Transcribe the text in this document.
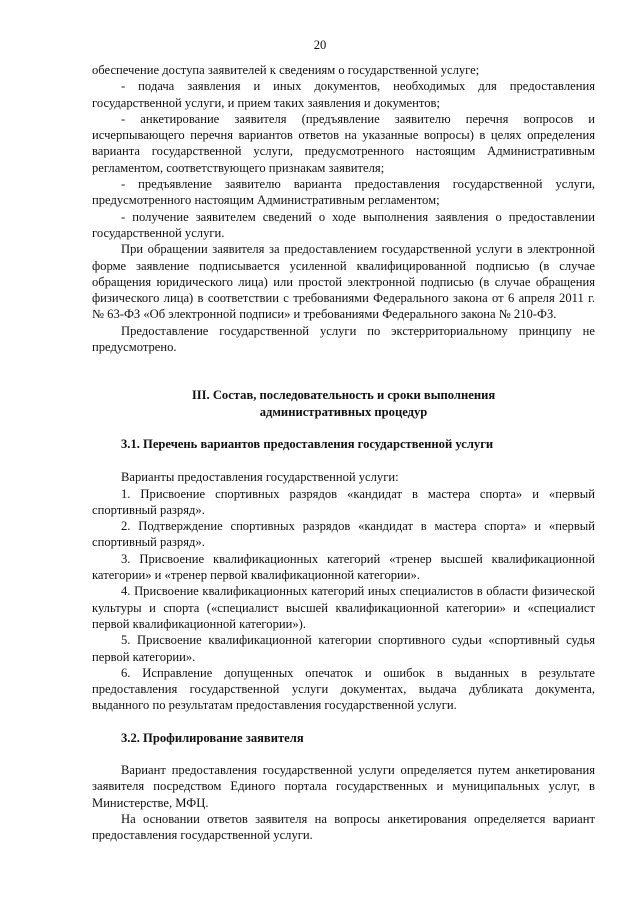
20

обеспечение доступа заявителей к сведениям о государственной услуге;

- подача заявления и иных документов, необходимых для предоставления государственной услуги, и прием таких заявления и документов;

- анкетирование заявителя (предъявление заявителю перечня вопросов и исчерпывающего перечня вариантов ответов на указанные вопросы) в целях определения варианта государственной услуги, предусмотренного настоящим Административным регламентом, соответствующего признакам заявителя;

- предъявление заявителю варианта предоставления государственной услуги, предусмотренного настоящим Административным регламентом;

- получение заявителем сведений о ходе выполнения заявления о предоставлении государственной услуги.

При обращении заявителя за предоставлением государственной услуги в электронной форме заявление подписывается усиленной квалифицированной подписью (в случае обращения юридического лица) или простой электронной подписью (в случае обращения физического лица) в соответствии с требованиями Федерального закона от 6 апреля 2011 г. № 63-ФЗ «Об электронной подписи» и требованиями Федерального закона № 210-ФЗ.

Предоставление государственной услуги по экстерриториальному принципу не предусмотрено.

III. Состав, последовательность и сроки выполнения

административных процедур

3.1. Перечень вариантов предоставления государственной услуги

Варианты предоставления государственной услуги:

1. Присвоение спортивных разрядов «кандидат в мастера спорта» и «первый спортивный разряд».

2. Подтверждение спортивных разрядов «кандидат в мастера спорта» и «первый спортивный разряд».

3. Присвоение квалификационных категорий «тренер высшей квалификационной категории» и «тренер первой квалификационной категории».

4. Присвоение квалификационных категорий иных специалистов в области физической культуры и спорта («специалист высшей квалификационной категории» и «специалист первой квалификационной категории»).

5. Присвоение квалификационной категории спортивного судьи «спортивный судья первой категории».

6. Исправление допущенных опечаток и ошибок в выданных в результате предоставления государственной услуги документах, выдача дубликата документа, выданного по результатам предоставления государственной услуги.

3.2. Профилирование заявителя

Вариант предоставления государственной услуги определяется путем анкетирования заявителя посредством Единого портала государственных и муниципальных услуг, в Министерстве, МФЦ.

На основании ответов заявителя на вопросы анкетирования определяется вариант предоставления государственной услуги.
